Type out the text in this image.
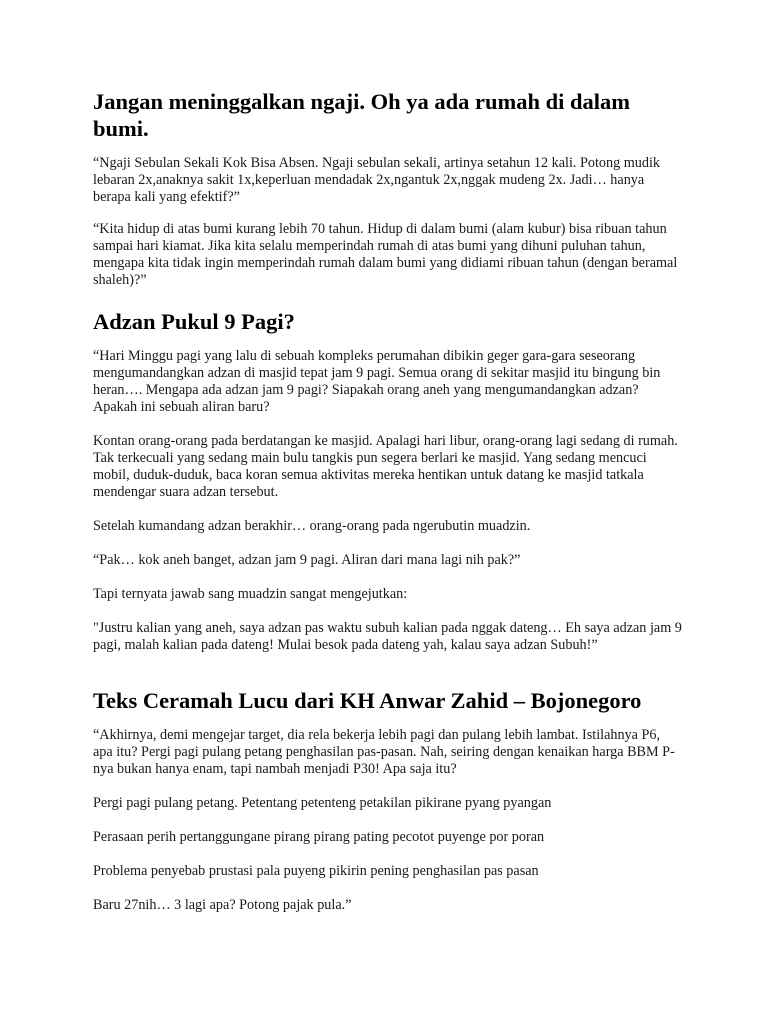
Jangan meninggalkan ngaji. Oh ya ada rumah di dalam bumi.

“Ngaji Sebulan Sekali Kok Bisa Absen. Ngaji sebulan sekali, artinya setahun 12 kali. Potong mudik lebaran 2x,anaknya sakit 1x,keperluan mendadak 2x,ngantuk 2x,nggak mudeng 2x. Jadi… hanya berapa kali yang efektif?”

“Kita hidup di atas bumi kurang lebih 70 tahun. Hidup di dalam bumi (alam kubur) bisa ribuan tahun sampai hari kiamat. Jika kita selalu memperindah rumah di atas bumi yang dihuni puluhan tahun, mengapa kita tidak ingin memperindah rumah dalam bumi yang didiami ribuan tahun (dengan beramal shaleh)?”

Adzan Pukul 9 Pagi?

“Hari Minggu pagi yang lalu di sebuah kompleks perumahan dibikin geger gara-gara seseorang mengumandangkan adzan di masjid tepat jam 9 pagi. Semua orang di sekitar masjid itu bingung bin heran…. Mengapa ada adzan jam 9 pagi? Siapakah orang aneh yang mengumandangkan adzan? Apakah ini sebuah aliran baru?

Kontan orang-orang pada berdatangan ke masjid. Apalagi hari libur, orang-orang lagi sedang di rumah. Tak terkecuali yang sedang main bulu tangkis pun segera berlari ke masjid. Yang sedang mencuci mobil, duduk-duduk, baca koran semua aktivitas mereka hentikan untuk datang ke masjid tatkala mendengar suara adzan tersebut.

Setelah kumandang adzan berakhir… orang-orang pada ngerubutin muadzin.

“Pak… kok aneh banget, adzan jam 9 pagi. Aliran dari mana lagi nih pak?”

Tapi ternyata jawab sang muadzin sangat mengejutkan:

"Justru kalian yang aneh, saya adzan pas waktu subuh kalian pada nggak dateng… Eh saya adzan jam 9 pagi, malah kalian pada dateng! Mulai besok pada dateng yah, kalau saya adzan Subuh!”

Teks Ceramah Lucu dari KH Anwar Zahid – Bojonegoro

“Akhirnya, demi mengejar target, dia rela bekerja lebih pagi dan pulang lebih lambat. Istilahnya P6, apa itu? Pergi pagi pulang petang penghasilan pas-pasan. Nah, seiring dengan kenaikan harga BBM P-nya bukan hanya enam, tapi nambah menjadi P30! Apa saja itu?

Pergi pagi pulang petang. Petentang petenteng petakilan pikirane pyang pyangan

Perasaan perih pertanggungane pirang pirang pating pecotot puyenge por poran

Problema penyebab prustasi pala puyeng pikirin pening penghasilan pas pasan

Baru 27nih… 3 lagi apa? Potong pajak pula.”
